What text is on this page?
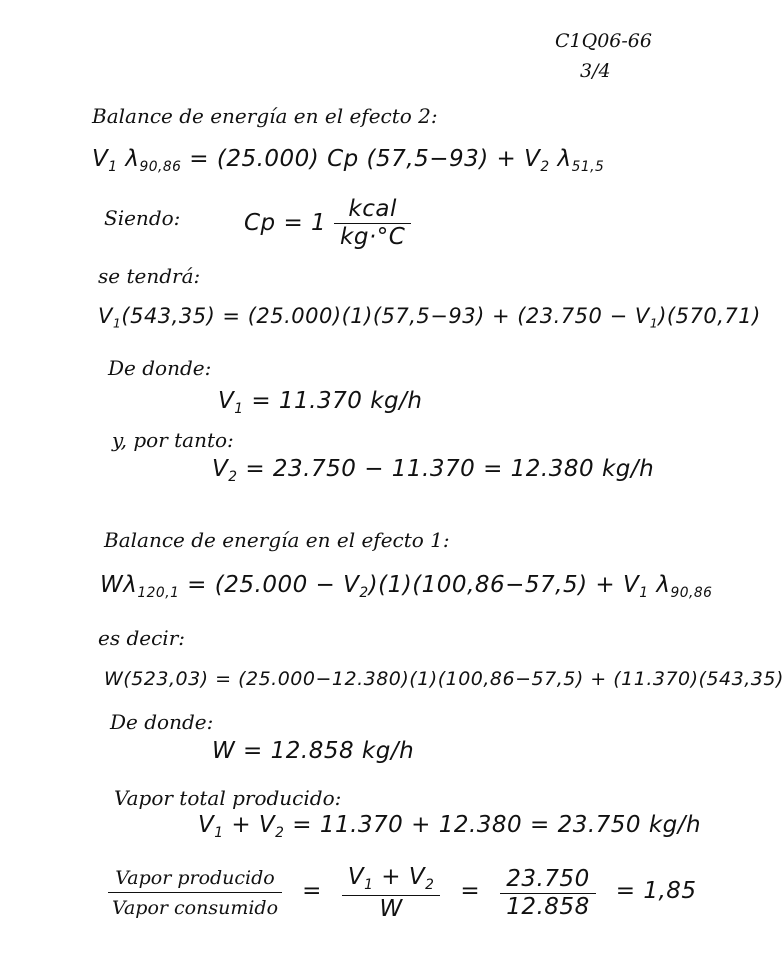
C1Q06-66
3/4
Balance de energía en el efecto 2:
$V_1$ $\lambda_{90,86} = (25.000)$ Cp $(57,5-93) + V_2$ $\lambda_{51,5}$
Siendo:	$Cp = 1 \frac{\text{kcal}}{kg\cdot^\circ C}$
se tendrá:
$V_1(543,35) = (25.000)(1)(57,5-93) + (23.750 - V_1)(570,71)$
De donde:
$V_1 = 11.370$ kg/h
y, por tanto:
$V_2 = 23.750 - 11.370 = 12.380$ kg/h
Balance de energía en el efecto 1:
$W\lambda_{120,1} = (25.000 - V_2)(1)(100,86-57,5) + V_1$ $\lambda_{90,86}$
es decir:
W(523,03) = (25.000−12.380)(1)(100,86−57,5) + (11.370)(543,35)
De donde:
W = 12.858 kg/h
Vapor total producido:
$V_1 + V_2 = 11.370 + 12.380 = 23.750$ kg/h
$\frac{\text{Vapor producido}}{\text{Vapor consumido}} = \frac{V_1 + V_2}{W} = \frac{23.750}{12.858} = 1,85$
